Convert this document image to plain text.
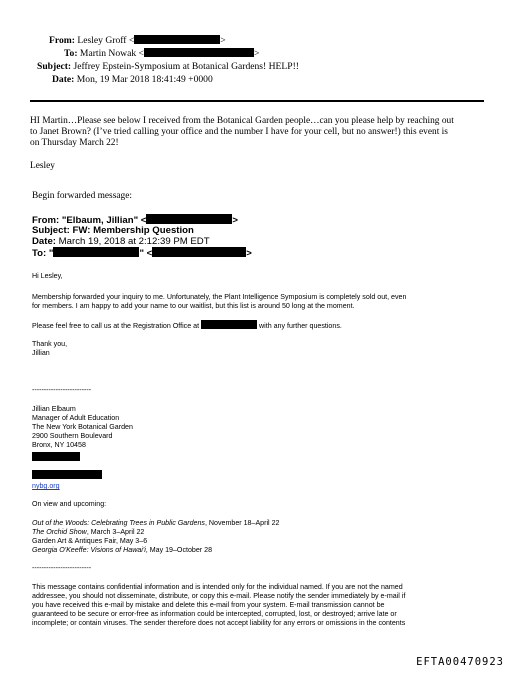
From: Lesley Groff <	>
To: Martin Nowak <	>
Subject: Jeffrey Epstein-Symposium at Botanical Gardens! HELP!!
Date: Mon, 19 Mar 2018 18:41:49 +0000
HI Martin…Please see below I received from the Botanical Garden people…can you please help by reaching out
to Janet Brown? (I’ve tried calling your office and the number I have for your cell, but no answer!) this event is
on Thursday March 22!
Lesley
Begin forwarded message:
From: "Elbaum, Jillian" <	>
Subject: FW: Membership Question
Date: March 19, 2018 at 2:12:39 PM EDT
To: "	" <	>
Hi Lesley,
Membership forwarded your inquiry to me. Unfortunately, the Plant Intelligence Symposium is completely sold out, even
for members. I am happy to add your name to our waitlist, but this list is around 50 long at the moment.
Please feel free to call us at the Registration Office at	with any further questions.
Thank you,
Jillian
-------------------------
Jillian Elbaum
Manager of Adult Education
The New York Botanical Garden
2900 Southern Boulevard
Bronx, NY 10458
nybg.org
On view and upcoming:
Out of the Woods: Celebrating Trees in Public Gardens, November 18–April 22
The Orchid Show, March 3–April 22
Garden Art & Antiques Fair, May 3–6
Georgia O'Keeffe: Visions of Hawai'i, May 19–October 28
-------------------------
This message contains confidential information and is intended only for the individual named. If you are not the named
addressee, you should not disseminate, distribute, or copy this e-mail. Please notify the sender immediately by e-mail if
you have received this e-mail by mistake and delete this e-mail from your system. E-mail transmission cannot be
guaranteed to be secure or error-free as information could be intercepted, corrupted, lost, or destroyed; arrive late or
incomplete; or contain viruses. The sender therefore does not accept liability for any errors or omissions in the contents
EFTA00470923
